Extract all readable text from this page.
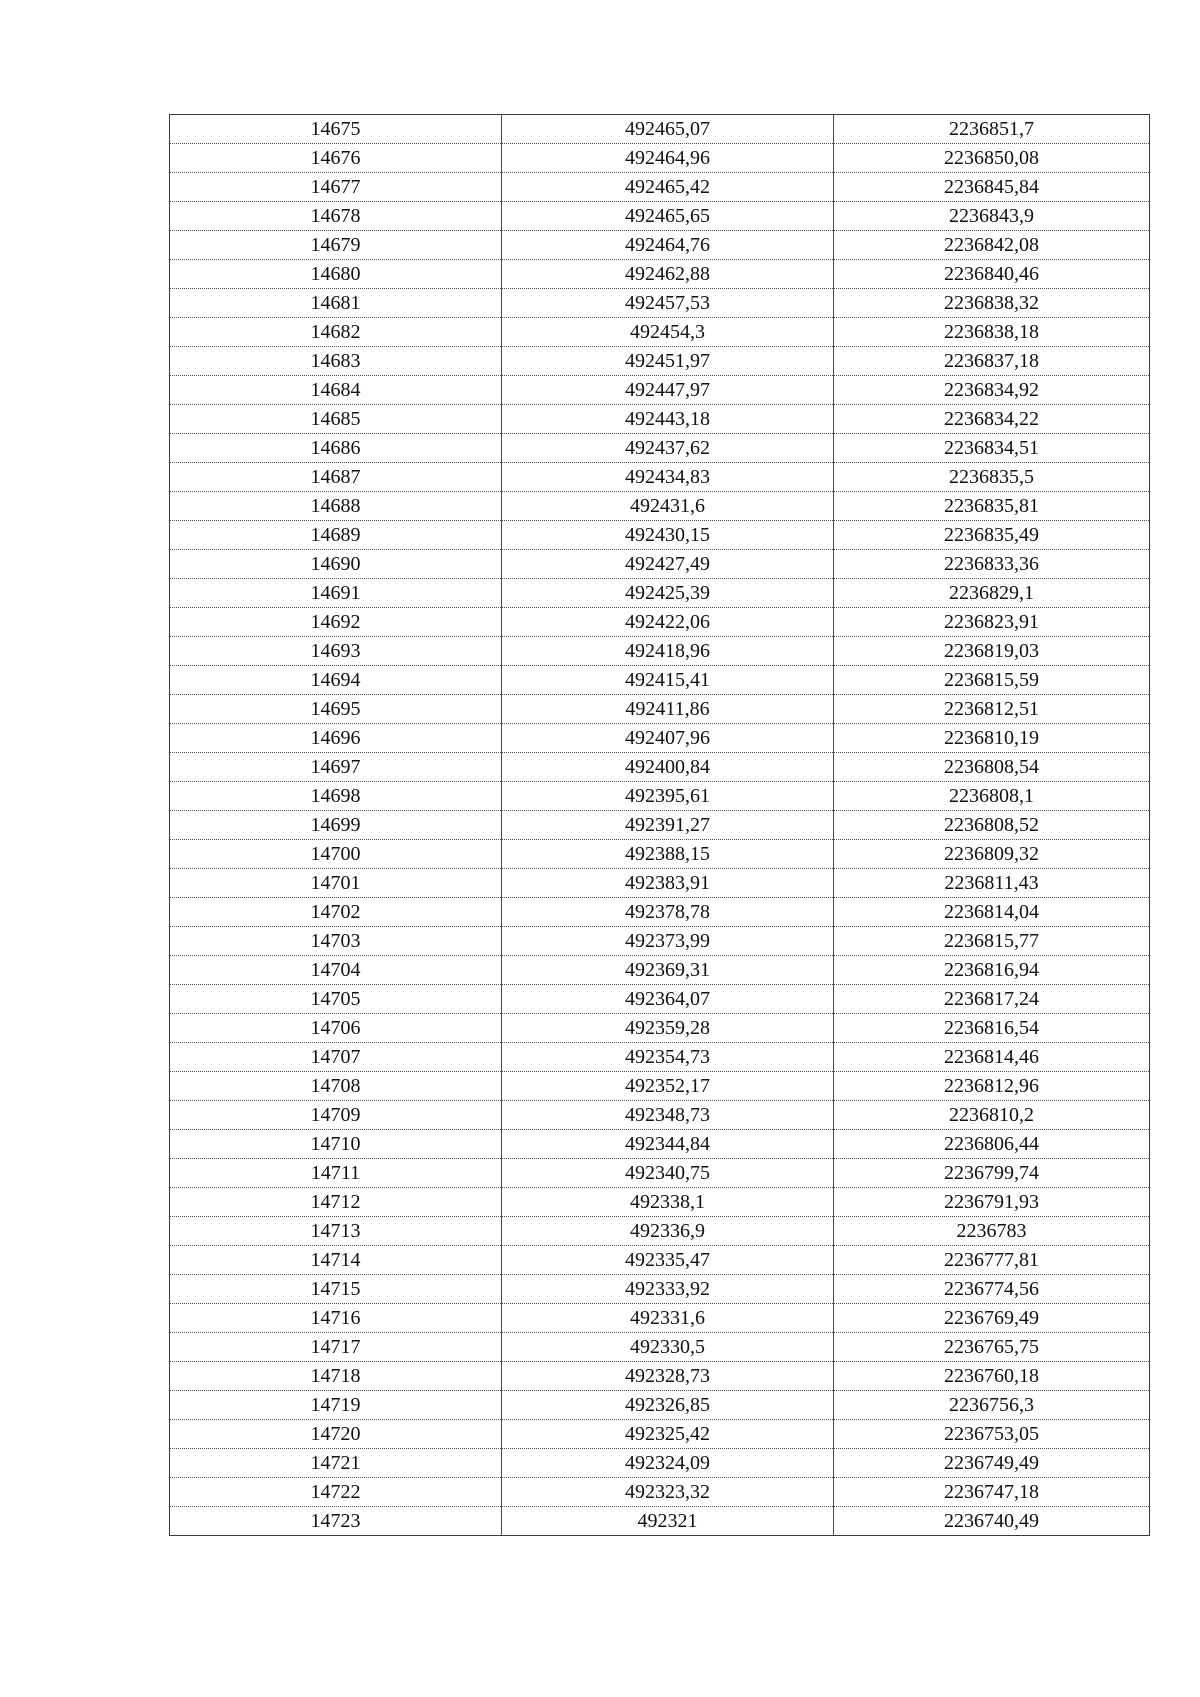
14675	492465,07	2236851,7
14676	492464,96	2236850,08
14677	492465,42	2236845,84
14678	492465,65	2236843,9
14679	492464,76	2236842,08
14680	492462,88	2236840,46
14681	492457,53	2236838,32
14682	492454,3	2236838,18
14683	492451,97	2236837,18
14684	492447,97	2236834,92
14685	492443,18	2236834,22
14686	492437,62	2236834,51
14687	492434,83	2236835,5
14688	492431,6	2236835,81
14689	492430,15	2236835,49
14690	492427,49	2236833,36
14691	492425,39	2236829,1
14692	492422,06	2236823,91
14693	492418,96	2236819,03
14694	492415,41	2236815,59
14695	492411,86	2236812,51
14696	492407,96	2236810,19
14697	492400,84	2236808,54
14698	492395,61	2236808,1
14699	492391,27	2236808,52
14700	492388,15	2236809,32
14701	492383,91	2236811,43
14702	492378,78	2236814,04
14703	492373,99	2236815,77
14704	492369,31	2236816,94
14705	492364,07	2236817,24
14706	492359,28	2236816,54
14707	492354,73	2236814,46
14708	492352,17	2236812,96
14709	492348,73	2236810,2
14710	492344,84	2236806,44
14711	492340,75	2236799,74
14712	492338,1	2236791,93
14713	492336,9	2236783
14714	492335,47	2236777,81
14715	492333,92	2236774,56
14716	492331,6	2236769,49
14717	492330,5	2236765,75
14718	492328,73	2236760,18
14719	492326,85	2236756,3
14720	492325,42	2236753,05
14721	492324,09	2236749,49
14722	492323,32	2236747,18
14723	492321	2236740,49
